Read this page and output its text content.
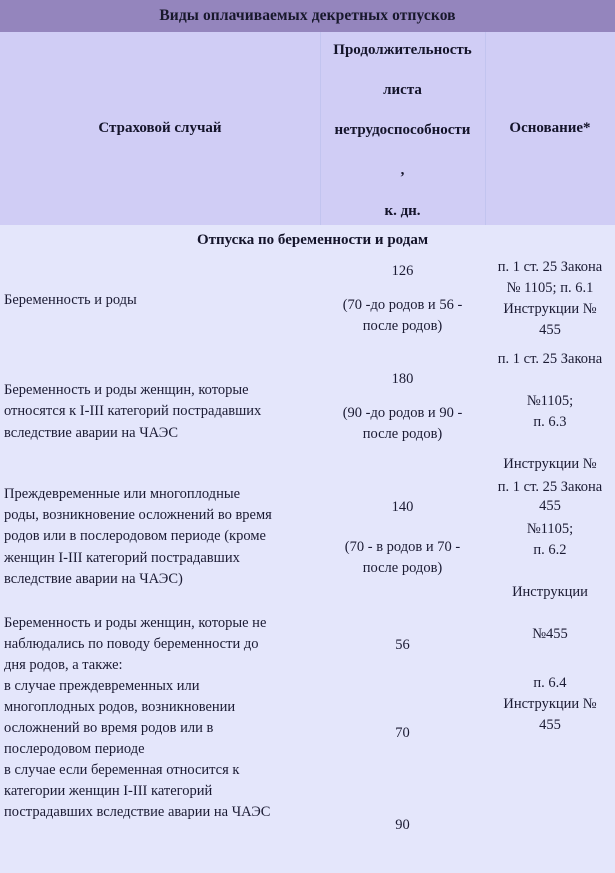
Виды оплачиваемых декретных отпусков
Страховой случай
Продолжительность
листа
нетрудоспособности
,
к. дн.
Основание*
Отпуска по беременности и родам
Беременность и роды
126
(70 -до родов и 56 -
после родов)
п. 1 ст. 25 Закона
№ 1105; п. 6.1
Инструкции №
455
Беременность и роды женщин, которые
относятся к I-III категорий пострадавших
вследствие аварии на ЧАЭС
180
(90 -до родов и 90 -
после родов)
п. 1 ст. 25 Закона

№1105;
п. 6.3

Инструкции №

455
Преждевременные или многоплодные
роды, возникновение осложнений во время
родов или в послеродовом периоде (кроме
женщин I-III категорий пострадавших
вследствие аварии на ЧАЭС)
140
(70 - в родов и 70 -
после родов)
п. 1 ст. 25 Закона

№1105;
п. 6.2

Инструкции

№455
Беременность и роды женщин, которые не
наблюдались по поводу беременности до
дня родов, а также:
в случае преждевременных или
многоплодных родов, возникновении
осложнений во время родов или в
послеродовом периоде
в случае если беременная относится к
категории женщин I-III категорий
пострадавших вследствие аварии на ЧАЭС
56
70
90
п. 6.4
Инструкции №
455
